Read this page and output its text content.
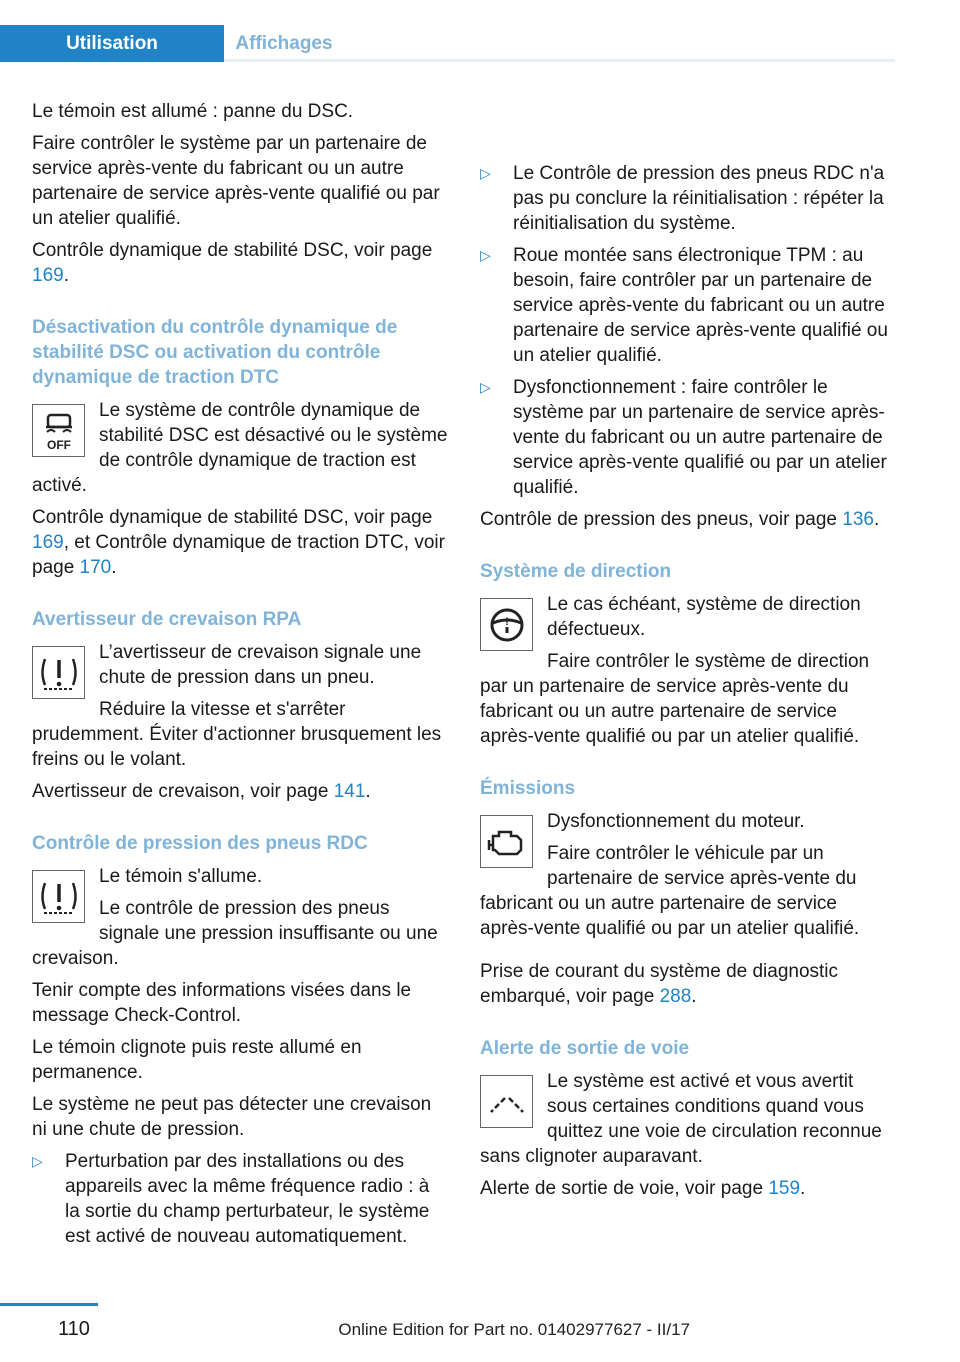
Utilisation	Affichages

Le témoin est allumé : panne du DSC.

Faire contrôler le système par un partenaire de service après-vente du fabricant ou un autre partenaire de service après-vente qualifié ou par un atelier qualifié.

Contrôle dynamique de stabilité DSC, voir page 169.

Désactivation du contrôle dynamique de stabilité DSC ou activation du contrôle dynamique de traction DTC
OFF

Le système de contrôle dynamique de stabilité DSC est désactivé ou le système de contrôle dynamique de traction est activé.

Contrôle dynamique de stabilité DSC, voir page 169, et Contrôle dynamique de traction DTC, voir page 170.

Avertisseur de crevaison RPA

L’avertisseur de crevaison signale une chute de pression dans un pneu.

Réduire la vitesse et s'arrêter prudemment. Éviter d'actionner brusquement les freins ou le volant.

Avertisseur de crevaison, voir page 141.

Contrôle de pression des pneus RDC

Le témoin s'allume.

Le contrôle de pression des pneus signale une pression insuffisante ou une crevaison.

Tenir compte des informations visées dans le message Check-Control.

Le témoin clignote puis reste allumé en permanence.

Le système ne peut pas détecter une crevaison ni une chute de pression.

▷ Perturbation par des installations ou des appareils avec la même fréquence radio : à la sortie du champ perturbateur, le système est activé de nouveau automatiquement.
▷ Le Contrôle de pression des pneus RDC n'a pas pu conclure la réinitialisation : répéter la réinitialisation du système.
▷ Roue montée sans électronique TPM : au besoin, faire contrôler par un partenaire de service après-vente du fabricant ou un autre partenaire de service après-vente qualifié ou un atelier qualifié.
▷ Dysfonctionnement : faire contrôler le système par un partenaire de service après-vente du fabricant ou un autre partenaire de service après-vente qualifié ou par un atelier qualifié.

Contrôle de pression des pneus, voir page 136.

Système de direction
!

Le cas échéant, système de direction défectueux.

Faire contrôler le système de direction par un partenaire de service après-vente du fabricant ou un autre partenaire de service après-vente qualifié ou par un atelier qualifié.

Émissions

Dysfonctionnement du moteur.

Faire contrôler le véhicule par un partenaire de service après-vente du fabricant ou un autre partenaire de service après-vente qualifié ou par un atelier qualifié.

Prise de courant du système de diagnostic embarqué, voir page 288.

Alerte de sortie de voie

Le système est activé et vous avertit sous certaines conditions quand vous quittez une voie de circulation reconnue sans clignoter auparavant.

Alerte de sortie de voie, voir page 159.

110	Online Edition for Part no. 01402977627 - II/17
